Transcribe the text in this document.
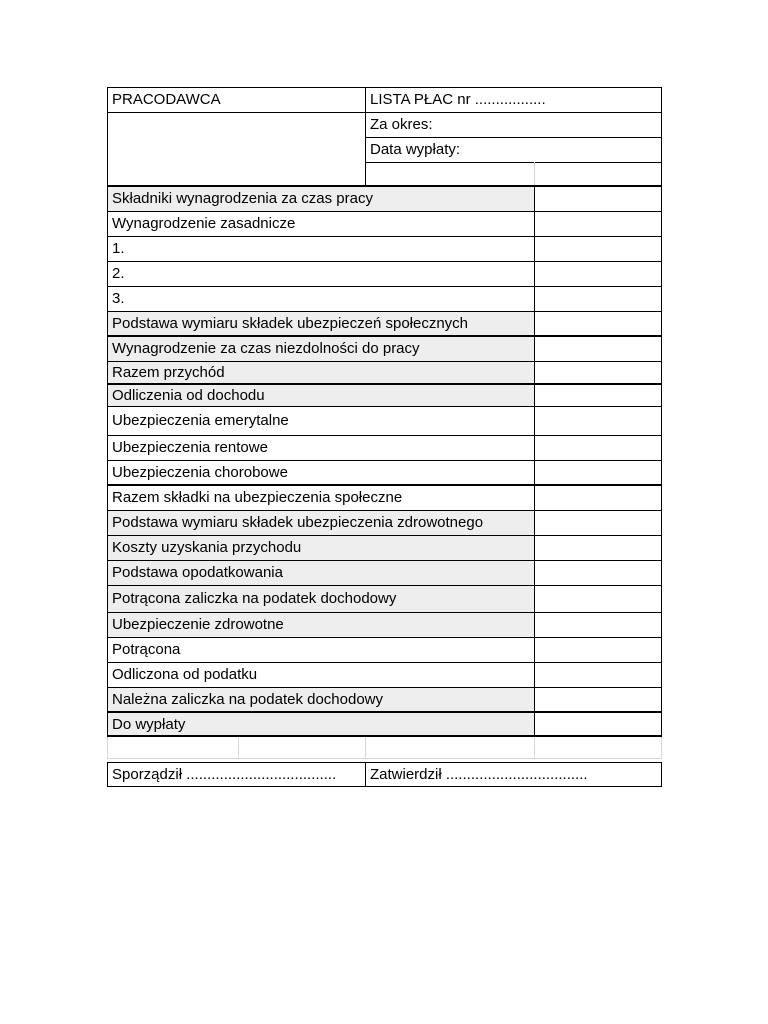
PRACODAWCA	LISTA PŁAC nr .................
Za okres:
Data wypłaty:
Składniki wynagrodzenia za czas pracy
Wynagrodzenie zasadnicze
1.
2.
3.
Podstawa wymiaru składek ubezpieczeń społecznych
Wynagrodzenie za czas niezdolności do pracy
Razem przychód
Odliczenia od dochodu
Ubezpieczenia emerytalne
Ubezpieczenia rentowe
Ubezpieczenia chorobowe
Razem składki na ubezpieczenia społeczne
Podstawa wymiaru składek ubezpieczenia zdrowotnego
Koszty uzyskania przychodu
Podstawa opodatkowania
Potrącona zaliczka na podatek dochodowy
Ubezpieczenie zdrowotne
Potrącona
Odliczona od podatku
Należna zaliczka na podatek dochodowy
Do wypłaty
Sporządził ....................................	Zatwierdził ..................................
